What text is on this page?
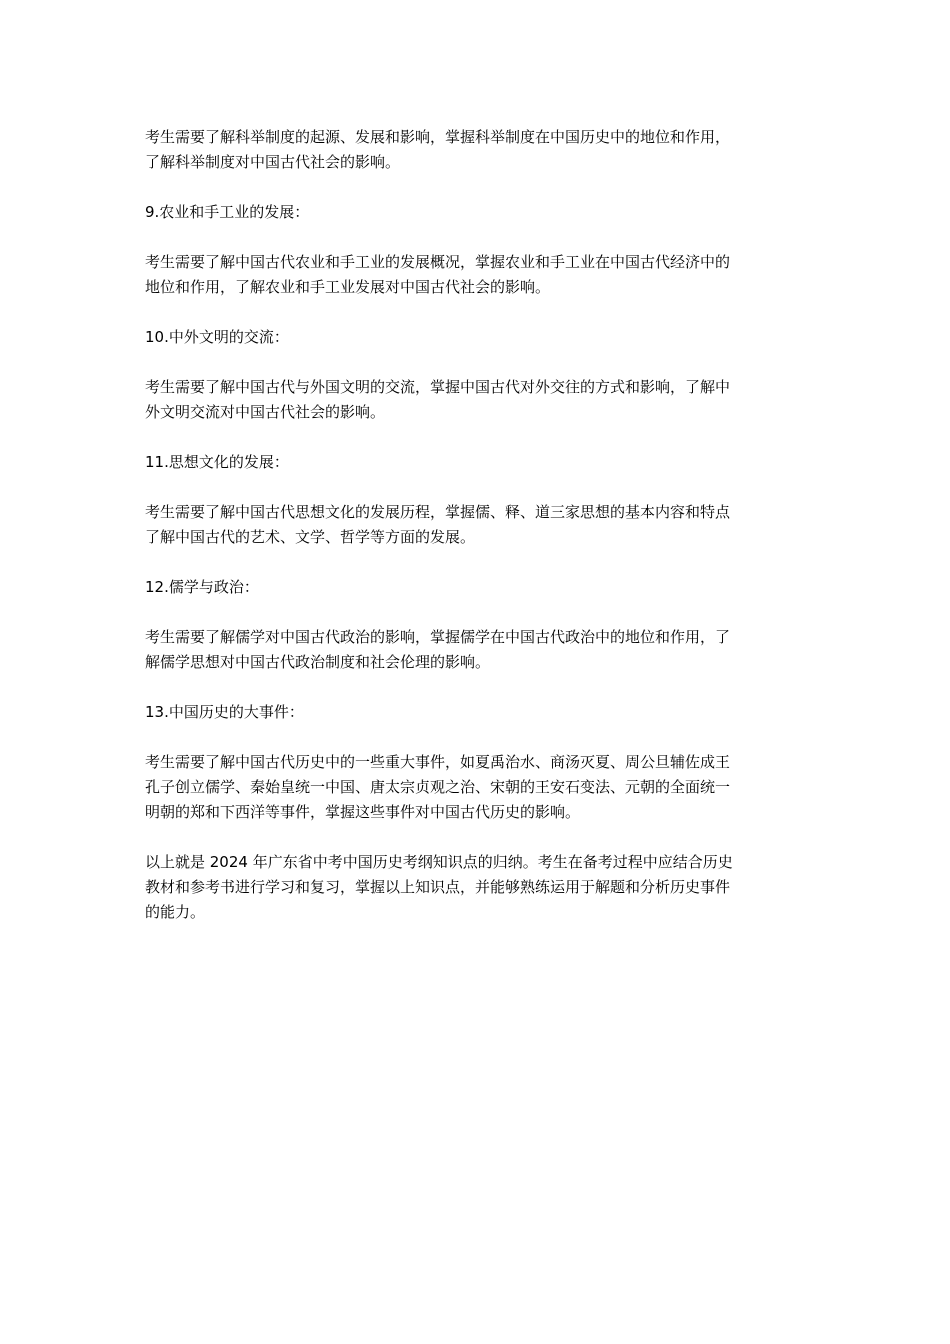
考生需要了解科举制度的起源、发展和影响，掌握科举制度在中国历史中的地位和作用，
了解科举制度对中国古代社会的影响。

9.农业和手工业的发展：

考生需要了解中国古代农业和手工业的发展概况，掌握农业和手工业在中国古代经济中的
地位和作用，了解农业和手工业发展对中国古代社会的影响。

10.中外文明的交流：

考生需要了解中国古代与外国文明的交流，掌握中国古代对外交往的方式和影响，了解中
外文明交流对中国古代社会的影响。

11.思想文化的发展：

考生需要了解中国古代思想文化的发展历程，掌握儒、释、道三家思想的基本内容和特点
了解中国古代的艺术、文学、哲学等方面的发展。

12.儒学与政治：

考生需要了解儒学对中国古代政治的影响，掌握儒学在中国古代政治中的地位和作用，了
解儒学思想对中国古代政治制度和社会伦理的影响。

13.中国历史的大事件：

考生需要了解中国古代历史中的一些重大事件，如夏禹治水、商汤灭夏、周公旦辅佐成王
孔子创立儒学、秦始皇统一中国、唐太宗贞观之治、宋朝的王安石变法、元朝的全面统一
明朝的郑和下西洋等事件，掌握这些事件对中国古代历史的影响。

以上就是 2024 年广东省中考中国历史考纲知识点的归纳。考生在备考过程中应结合历史
教材和参考书进行学习和复习，掌握以上知识点，并能够熟练运用于解题和分析历史事件
的能力。
